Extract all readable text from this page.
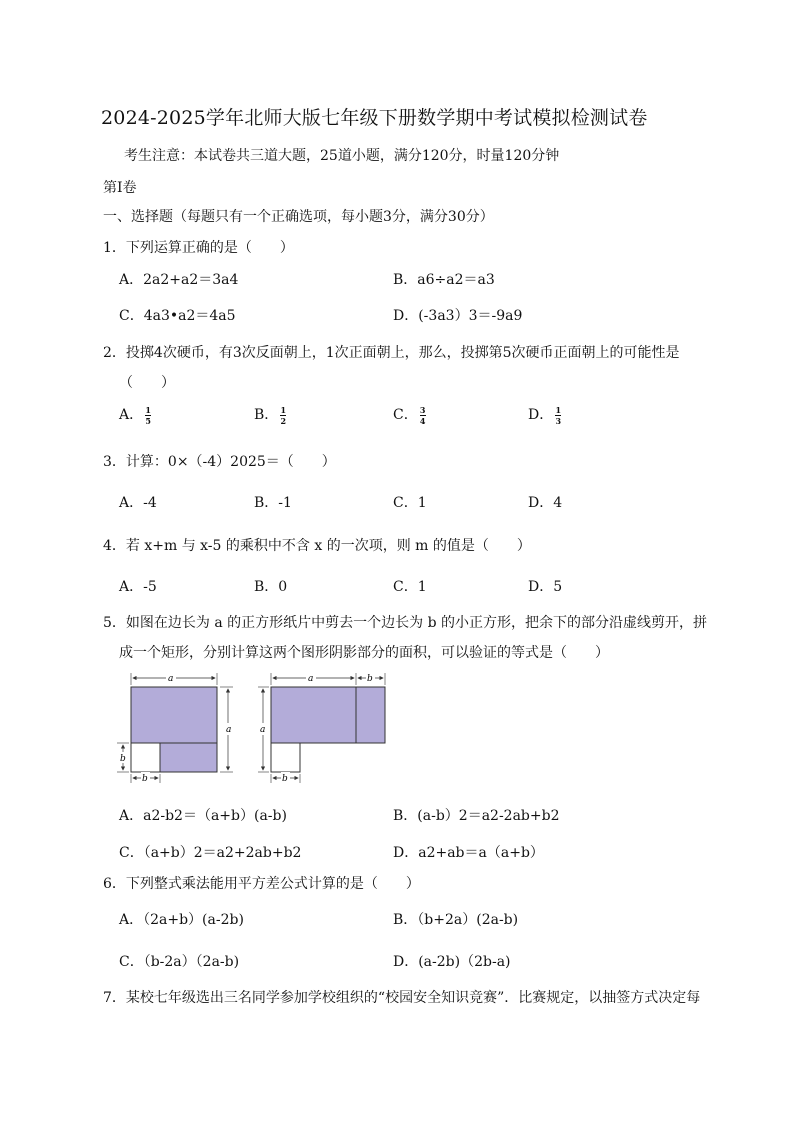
2024-2025学年北师大版七年级下册数学期中考试模拟检测试卷
考生注意：本试卷共三道大题，25道小题，满分120分，时量120分钟
第I卷
一、选择题（每题只有一个正确选项，每小题3分，满分30分）
1．下列运算正确的是（　　）
A．2a2+a2＝3a4	B．a6÷a2＝a3
C．4a3•a2＝4a5	D．(-3a3）3＝-9a9
2．投掷4次硬币，有3次反面朝上，1次正面朝上，那么，投掷第5次硬币正面朝上的可能性是
（　　）
A． $\frac{1}{5}$	B． $\frac{1}{2}$	C． $\frac{3}{4}$	D． $\frac{1}{3}$
3．计算：0×（-4）2025＝（　　）
A．-4	B．-1	C．1	D．4
4．若 x+m 与 x-5 的乘积中不含 x 的一次项，则 m 的值是（　　）
A．-5	B．0	C．1	D．5
5．如图在边长为 a 的正方形纸片中剪去一个边长为 b 的小正方形，把余下的部分沿虚线剪开，拼
成一个矩形，分别计算这两个图形阴影部分的面积，可以验证的等式是（　　）
a
a
b
b
a	b
a
b
A．a2-b2＝（a+b）(a-b)	B．(a-b）2＝a2-2ab+b2
C．（a+b）2＝a2+2ab+b2	D．a2+ab＝a（a+b）
6．下列整式乘法能用平方差公式计算的是（　　）
A．（2a+b）(a-2b)	B．（b+2a）(2a-b)
C．（b-2a）（2a-b)	D．(a-2b)（2b-a)
7．某校七年级选出三名同学参加学校组织的“校园安全知识竞赛”．比赛规定，以抽签方式决定每
